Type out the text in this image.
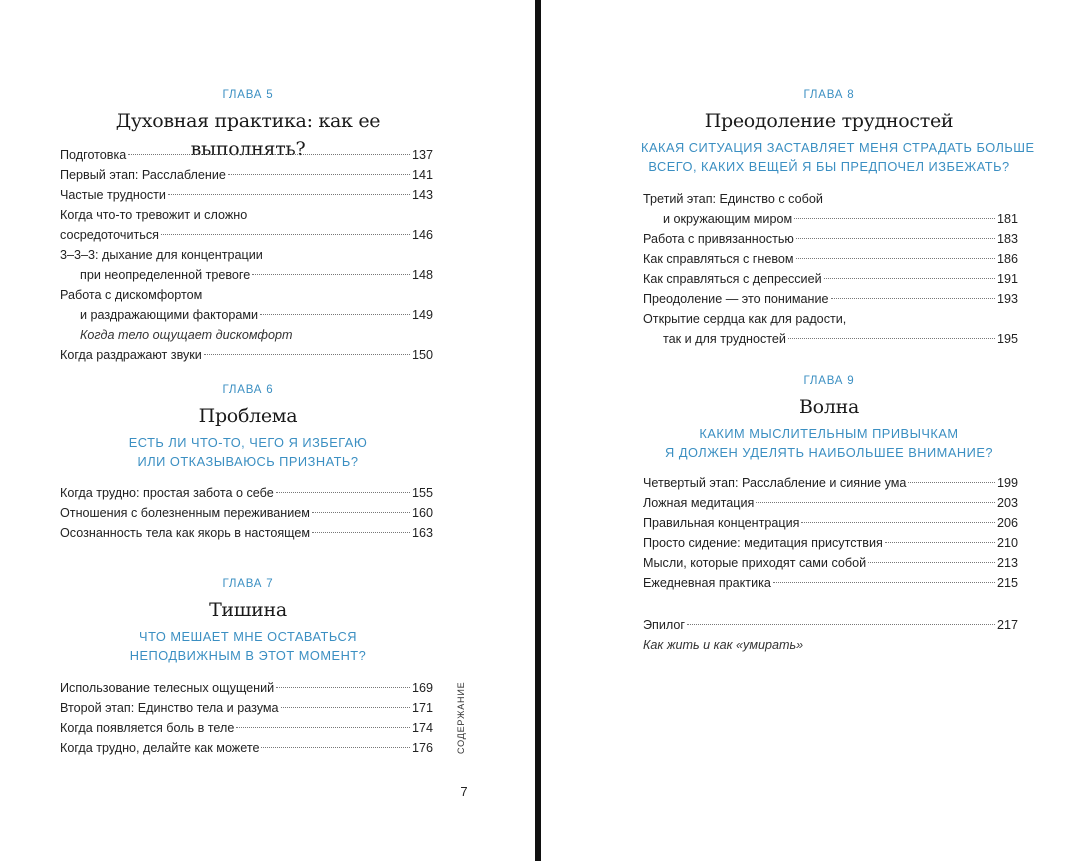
ГЛАВА 5
Духовная практика: как ее выполнять?
Подготовка	137
Первый этап: Расслабление	141
Частые трудности	143
Когда что-то тревожит и сложно
сосредоточиться	146
3–3–3: дыхание для концентрации
при неопределенной тревоге	148
Работа с дискомфортом
и раздражающими факторами	149
Когда тело ощущает дискомфорт
Когда раздражают звуки	150
ГЛАВА 6
Проблема
ЕСТЬ ЛИ ЧТО-ТО, ЧЕГО Я ИЗБЕГАЮ
ИЛИ ОТКАЗЫВАЮСЬ ПРИЗНАТЬ?
Когда трудно: простая забота о себе	155
Отношения с болезненным переживанием	160
Осознанность тела как якорь в настоящем	163
ГЛАВА 7
Тишина
ЧТО МЕШАЕТ МНЕ ОСТАВАТЬСЯ
НЕПОДВИЖНЫМ В ЭТОТ МОМЕНТ?
Использование телесных ощущений	169
Второй этап: Единство тела и разума	171
Когда появляется боль в теле	174
Когда трудно, делайте как можете	176	СОДЕРЖАНИЕ
7
ГЛАВА 8
Преодоление трудностей
КАКАЯ СИТУАЦИЯ ЗАСТАВЛЯЕТ МЕНЯ СТРАДАТЬ БОЛЬШЕ
ВСЕГО, КАКИХ ВЕЩЕЙ Я БЫ ПРЕДПОЧЕЛ ИЗБЕЖАТЬ?
Третий этап: Единство с собой
и окружающим миром	181
Работа с привязанностью	183
Как справляться с гневом	186
Как справляться с депрессией	191
Преодоление — это понимание	193
Открытие сердца как для радости,
так и для трудностей	195
ГЛАВА 9
Волна
КАКИМ МЫСЛИТЕЛЬНЫМ ПРИВЫЧКАМ
Я ДОЛЖЕН УДЕЛЯТЬ НАИБОЛЬШЕЕ ВНИМАНИЕ?
Четвертый этап: Расслабление и сияние ума	199
Ложная медитация	203
Правильная концентрация	206
Просто сидение: медитация присутствия	210
Мысли, которые приходят сами собой	213
Ежедневная практика	215
Эпилог	217
Как жить и как «умирать»
